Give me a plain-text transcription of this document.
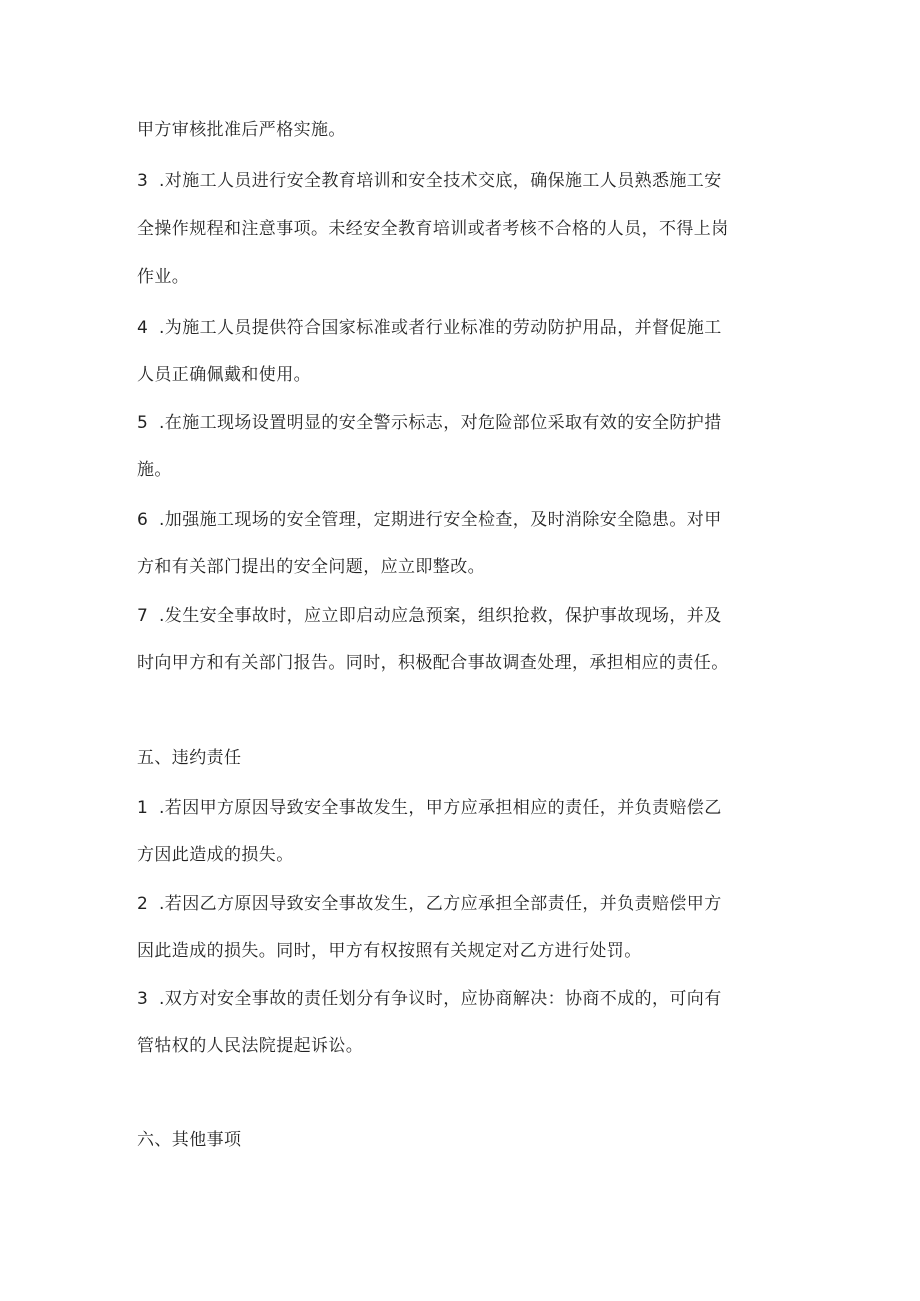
甲方审核批准后严格实施。
3 .对施工人员进行安全教育培训和安全技术交底，确保施工人员熟悉施工安
全操作规程和注意事项。未经安全教育培训或者考核不合格的人员，不得上岗
作业。
4 .为施工人员提供符合国家标准或者行业标准的劳动防护用品，并督促施工
人员正确佩戴和使用。
5 .在施工现场设置明显的安全警示标志，对危险部位采取有效的安全防护措
施。
6 .加强施工现场的安全管理，定期进行安全检查，及时消除安全隐患。对甲
方和有关部门提出的安全问题，应立即整改。
7 .发生安全事故时，应立即启动应急预案，组织抢救，保护事故现场，并及
时向甲方和有关部门报告。同时，积极配合事故调查处理，承担相应的责任。
五、违约责任
1 .若因甲方原因导致安全事故发生，甲方应承担相应的责任，并负责赔偿乙
方因此造成的损失。
2 .若因乙方原因导致安全事故发生，乙方应承担全部责任，并负责赔偿甲方
因此造成的损失。同时，甲方有权按照有关规定对乙方进行处罚。
3 .双方对安全事故的责任划分有争议时，应协商解决：协商不成的，可向有
管牯权的人民法院提起诉讼。
六、其他事项
